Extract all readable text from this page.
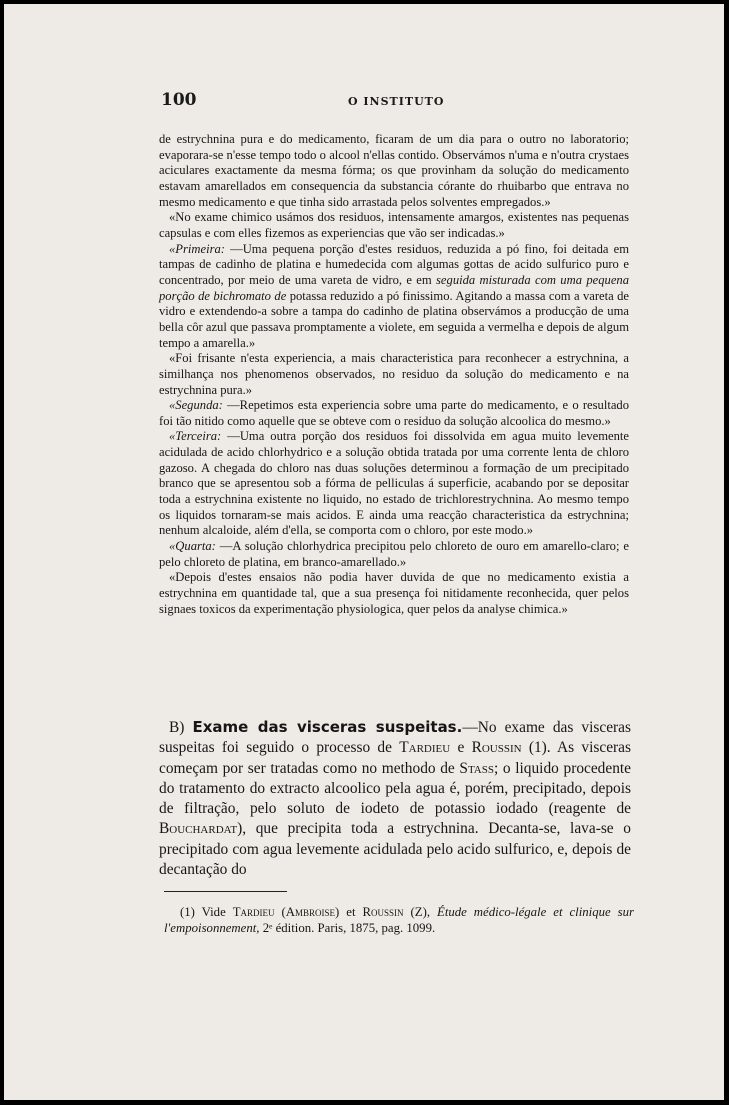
100	O INSTITUTO

de estrychnina pura e do medicamento, ficaram de um dia para o outro no laboratorio; evaporara-se n'esse tempo todo o alcool n'ellas contido. Observámos n'uma e n'outra crystaes aciculares exactamente da mesma fórma; os que provinham da solução do medicamento estavam amarellados em consequencia da substancia córante do rhuibarbo que entrava no mesmo medicamento e que tinha sido arrastada pelos solventes empregados.»

«No exame chimico usámos dos residuos, intensamente amargos, existentes nas pequenas capsulas e com elles fizemos as experiencias que vão ser indicadas.»

«Primeira: —Uma pequena porção d'estes residuos, reduzida a pó fino, foi deitada em tampas de cadinho de platina e humedecida com algumas gottas de acido sulfurico puro e concentrado, por meio de uma vareta de vidro, e em seguida misturada com uma pequena porção de bichromato de potassa reduzido a pó finissimo. Agitando a massa com a vareta de vidro e extendendo-a sobre a tampa do cadinho de platina observámos a producção de uma bella côr azul que passava promptamente a violete, em seguida a vermelha e depois de algum tempo a amarella.»

«Foi frisante n'esta experiencia, a mais characteristica para reconhecer a estrychnina, a similhança nos phenomenos observados, no residuo da solução do medicamento e na estrychnina pura.»

«Segunda: —Repetimos esta experiencia sobre uma parte do medicamento, e o resultado foi tão nitido como aquelle que se obteve com o residuo da solução alcoolica do mesmo.»

«Terceira: —Uma outra porção dos residuos foi dissolvida em agua muito levemente acidulada de acido chlorhydrico e a solução obtida tratada por uma corrente lenta de chloro gazoso. A chegada do chloro nas duas soluções determinou a formação de um precipitado branco que se apresentou sob a fórma de pelliculas á superficie, acabando por se depositar toda a estrychnina existente no liquido, no estado de trichlorestrychnina. Ao mesmo tempo os liquidos tornaram-se mais acidos. E ainda uma reacção characteristica da estrychnina; nenhum alcaloide, além d'ella, se comporta com o chloro, por este modo.»

«Quarta: —A solução chlorhydrica precipitou pelo chloreto de ouro em amarello-claro; e pelo chloreto de platina, em branco-amarellado.»

«Depois d'estes ensaios não podia haver duvida de que no medicamento existia a estrychnina em quantidade tal, que a sua presença foi nitidamente reconhecida, quer pelos signaes toxicos da experimentação physiologica, quer pelos da analyse chimica.»

B) Exame das visceras suspeitas.—No exame das visceras suspeitas foi seguido o processo de Tardieu e Roussin (1). As visceras começam por ser tratadas como no methodo de Stass; o liquido procedente do tratamento do extracto alcoolico pela agua é, porém, precipitado, depois de filtração, pelo soluto de iodeto de potassio iodado (reagente de Bouchardat), que precipita toda a estrychnina. Decanta-se, lava-se o precipitado com agua levemente acidulada pelo acido sulfurico, e, depois de decantação do

(1) Vide Tardieu (Ambroise) et Roussin (Z), Étude médico-légale et clinique sur l'empoisonnement, 2ᵉ édition. Paris, 1875, pag. 1099.
